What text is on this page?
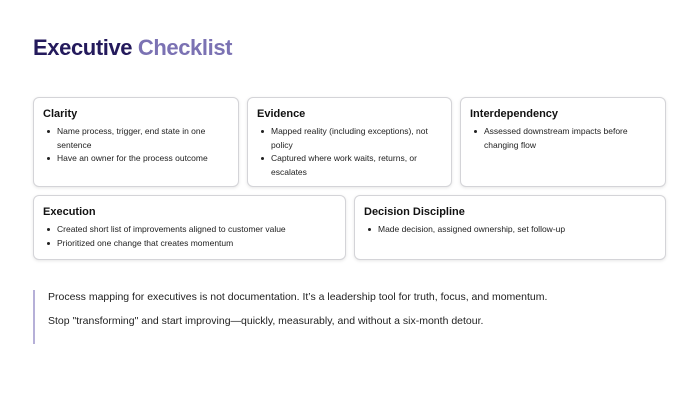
Executive Checklist
Clarity
Name process, trigger, end state in one sentence
Have an owner for the process outcome
Evidence
Mapped reality (including exceptions), not policy
Captured where work waits, returns, or escalates
Interdependency
Assessed downstream impacts before changing flow
Execution
Created short list of improvements aligned to customer value
Prioritized one change that creates momentum
Decision Discipline
Made decision, assigned ownership, set follow-up

Process mapping for executives is not documentation. It’s a leadership tool for truth, focus, and momentum.

Stop "transforming" and start improving—quickly, measurably, and without a six-month detour.
